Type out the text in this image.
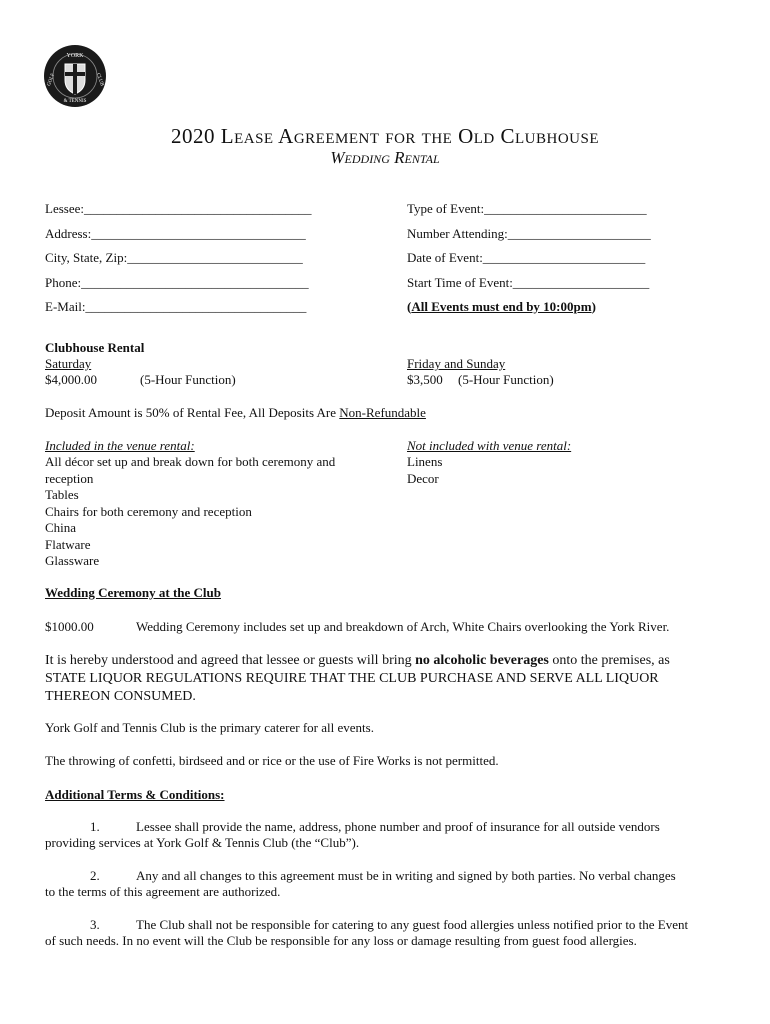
YORK
GOLF
& TENNIS
CLUB
2020 Lease Agreement for the Old Clubhouse
Wedding Rental
Lessee:___________________________________
Address:_________________________________
City, State, Zip:___________________________
Phone:___________________________________
E-Mail:__________________________________
Type of Event:_________________________
Number Attending:______________________
Date of Event:_________________________
Start Time of Event:_____________________
(All Events must end by 10:00pm)
Clubhouse Rental
Saturday
$4,000.00	(5-Hour Function)
Friday and Sunday
$3,500 (5-Hour Function)
Deposit Amount is 50% of Rental Fee, All Deposits Are Non-Refundable
Included in the venue rental:
All décor set up and break down for both ceremony and
reception
Tables
Chairs for both ceremony and reception
China
Flatware
Glassware
Not included with venue rental:
Linens
Decor
Wedding Ceremony at the Club
$1000.00	Wedding Ceremony includes set up and breakdown of Arch, White Chairs overlooking the York River.
It is hereby understood and agreed that lessee or guests will bring no alcoholic beverages onto the premises, as
STATE LIQUOR REGULATIONS REQUIRE THAT THE CLUB PURCHASE AND SERVE ALL LIQUOR
THEREON CONSUMED.
York Golf and Tennis Club is the primary caterer for all events.
The throwing of confetti, birdseed and or rice or the use of Fire Works is not permitted.
Additional Terms & Conditions:
1.	Lessee shall provide the name, address, phone number and proof of insurance for all outside vendors
providing services at York Golf & Tennis Club (the “Club”).
2.	Any and all changes to this agreement must be in writing and signed by both parties. No verbal changes
to the terms of this agreement are authorized.
3.	The Club shall not be responsible for catering to any guest food allergies unless notified prior to the Event
of such needs. In no event will the Club be responsible for any loss or damage resulting from guest food allergies.
